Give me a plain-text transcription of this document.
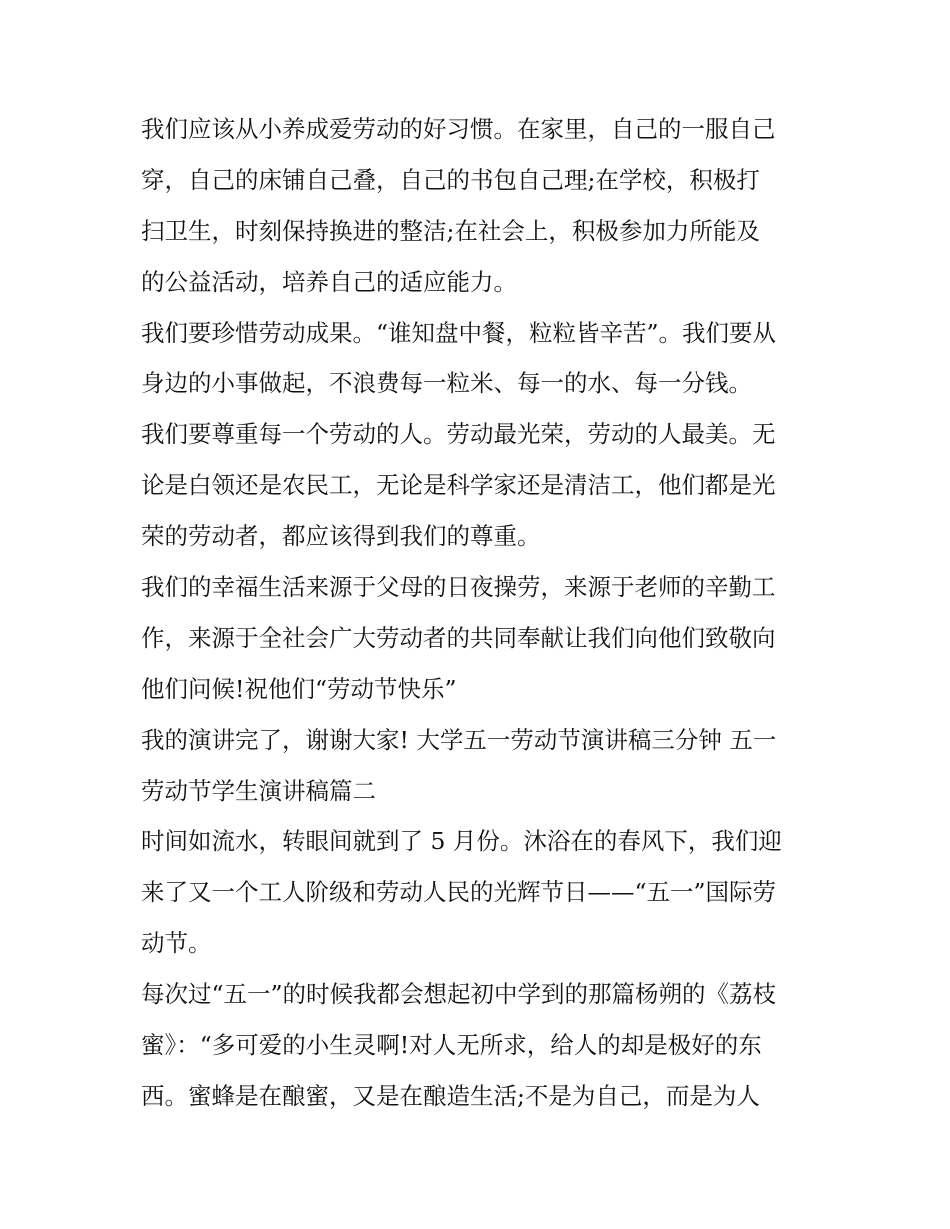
我们应该从小养成爱劳动的好习惯。在家里，自己的一服自己
穿，自己的床铺自己叠，自己的书包自己理;在学校，积极打
扫卫生，时刻保持换进的整洁;在社会上，积极参加力所能及
的公益活动，培养自己的适应能力。
我们要珍惜劳动成果。“谁知盘中餐，粒粒皆辛苦”。我们要从
身边的小事做起，不浪费每一粒米、每一的水、每一分钱。
我们要尊重每一个劳动的人。劳动最光荣，劳动的人最美。无
论是白领还是农民工，无论是科学家还是清洁工，他们都是光
荣的劳动者，都应该得到我们的尊重。
我们的幸福生活来源于父母的日夜操劳，来源于老师的辛勤工
作，来源于全社会广大劳动者的共同奉献让我们向他们致敬向
他们问候!祝他们“劳动节快乐”
我的演讲完了，谢谢大家! 大学五一劳动节演讲稿三分钟 五一
劳动节学生演讲稿篇二
时间如流水，转眼间就到了 5 月份。沐浴在的春风下，我们迎
来了又一个工人阶级和劳动人民的光辉节日——“五一”国际劳
动节。
每次过“五一”的时候我都会想起初中学到的那篇杨朔的《荔枝
蜜》：“多可爱的小生灵啊!对人无所求，给人的却是极好的东
西。蜜蜂是在酿蜜，又是在酿造生活;不是为自己，而是为人
